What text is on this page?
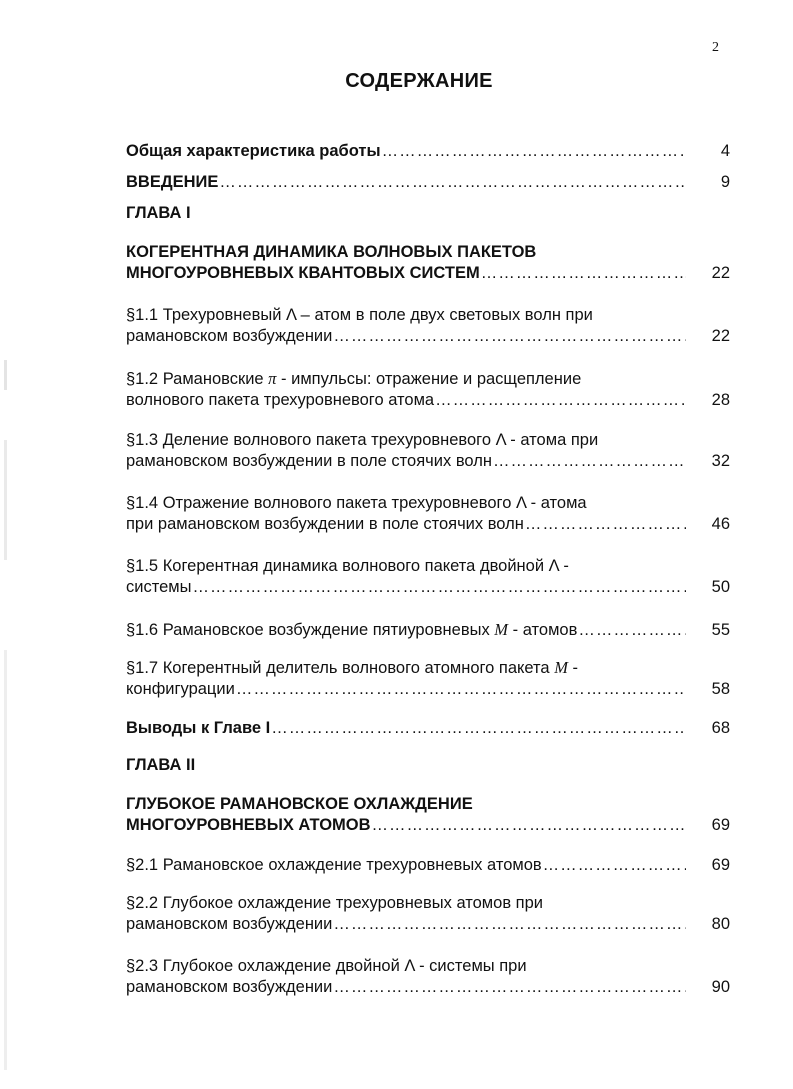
2
СОДЕРЖАНИЕ
Общая характеристика работы …………………………………………………………………………………………………………………………………	4
ВВЕДЕНИЕ …………………………………………………………………………………………………………………………………	9
ГЛАВА I
КОГЕРЕНТНАЯ ДИНАМИКА ВОЛНОВЫХ ПАКЕТОВ
МНОГОУРОВНЕВЫХ КВАНТОВЫХ СИСТЕМ …………………………………………………………………………………………………………………………………	22
§1.1 Трехуровневый Λ – атом в поле двух световых волн при
рамановском возбуждении …………………………………………………………………………………………………………………………………	22
§1.2 Рамановские π - импульсы: отражение и расщепление
волнового пакета трехуровневого атома …………………………………………………………………………………………………………………………………	28
§1.3 Деление волнового пакета трехуровневого Λ - атома при
рамановском возбуждении в поле стоячих волн …………………………………………………………………………………………………………………………………	32
§1.4 Отражение волнового пакета трехуровневого Λ - атома
при рамановском возбуждении в поле стоячих волн …………………………………………………………………………………………………………………………………	46
§1.5 Когерентная динамика волнового пакета двойной Λ -
системы …………………………………………………………………………………………………………………………………	50
§1.6 Рамановское возбуждение пятиуровневых M - атомов …………………………………………………………………………………………………………………………………	55
§1.7 Когерентный делитель волнового атомного пакета M -
конфигурации …………………………………………………………………………………………………………………………………	58
Выводы к Главе I …………………………………………………………………………………………………………………………………	68
ГЛАВА II
ГЛУБОКОЕ РАМАНОВСКОЕ ОХЛАЖДЕНИЕ
МНОГОУРОВНЕВЫХ АТОМОВ …………………………………………………………………………………………………………………………………	69
§2.1 Рамановское охлаждение трехуровневых атомов …………………………………………………………………………………………………………………………………	69
§2.2 Глубокое охлаждение трехуровневых атомов при
рамановском возбуждении …………………………………………………………………………………………………………………………………	80
§2.3 Глубокое охлаждение двойной Λ - системы при
рамановском возбуждении …………………………………………………………………………………………………………………………………	90
